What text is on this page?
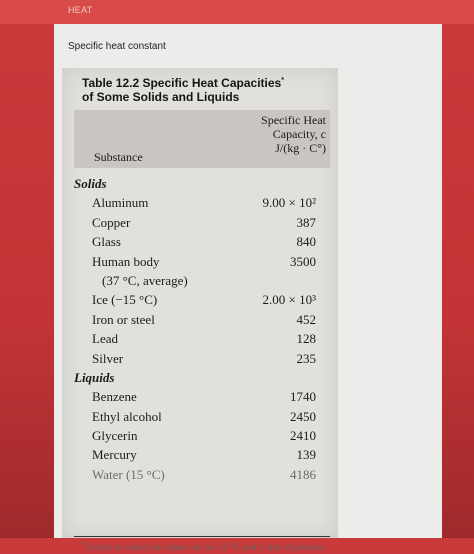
HEAT
Specific heat constant

Table 12.2 Specific Heat Capacities*
of Some Solids and Liquids

Substance
Specific Heat
Capacity, c
J/(kg · C°)
Solids
Aluminum	9.00 × 10²
Copper	387
Glass	840
Human body	3500
(37 °C, average)
Ice (−15 °C)	2.00 × 10³
Iron or steel	452
Lead	128
Silver	235
Liquids
Benzene	1740
Ethyl alcohol	2450
Glycerin	2410
Mercury	139
Water (15 °C)	4186
*Except as noted, the values are for 25 °C and 1 atm of pressure.
